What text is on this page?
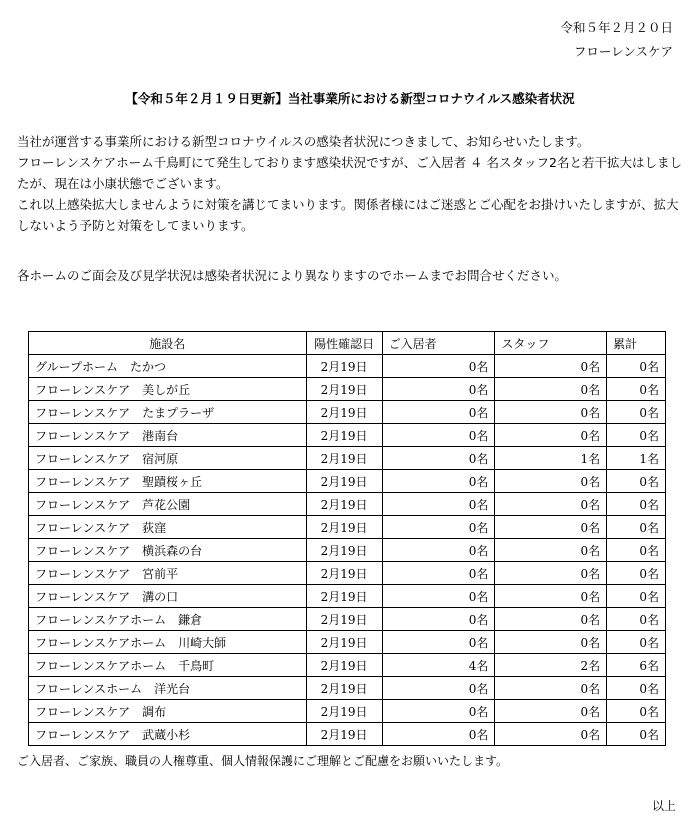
令和５年２月２０日
フローレンスケア
【令和５年２月１９日更新】当社事業所における新型コロナウイルス感染者状況

当社が運営する事業所における新型コロナウイルスの感染者状況につきまして、お知らせいたします。

フローレンスケアホーム千鳥町にて発生しております感染状況ですが、ご入居者 ４ 名スタッフ2名と若干拡大はしましたが、現在は小康状態でございます。

これ以上感染拡大しませんように対策を講じてまいります。関係者様にはご迷惑とご心配をお掛けいたしますが、拡大しないよう予防と対策をしてまいります。

各ホームのご面会及び見学状況は感染者状況により異なりますのでホームまでお問合せください。
施設名	陽性確認日	ご入居者	スタッフ	累計
グループホーム　たかつ	2月19日	0名	0名	0名
フローレンスケア　美しが丘	2月19日	0名	0名	0名
フローレンスケア　たまプラーザ	2月19日	0名	0名	0名
フローレンスケア　港南台	2月19日	0名	0名	0名
フローレンスケア　宿河原	2月19日	0名	1名	1名
フローレンスケア　聖蹟桜ヶ丘	2月19日	0名	0名	0名
フローレンスケア　芦花公園	2月19日	0名	0名	0名
フローレンスケア　荻窪	2月19日	0名	0名	0名
フローレンスケア　横浜森の台	2月19日	0名	0名	0名
フローレンスケア　宮前平	2月19日	0名	0名	0名
フローレンスケア　溝の口	2月19日	0名	0名	0名
フローレンスケアホーム　鎌倉	2月19日	0名	0名	0名
フローレンスケアホーム　川崎大師	2月19日	0名	0名	0名
フローレンスケアホーム　千鳥町	2月19日	4名	2名	6名
フローレンスホーム　洋光台	2月19日	0名	0名	0名
フローレンスケア　調布	2月19日	0名	0名	0名
フローレンスケア　武蔵小杉	2月19日	0名	0名	0名
ご入居者、ご家族、職員の人権尊重、個人情報保護にご理解とご配慮をお願いいたします。
以上
